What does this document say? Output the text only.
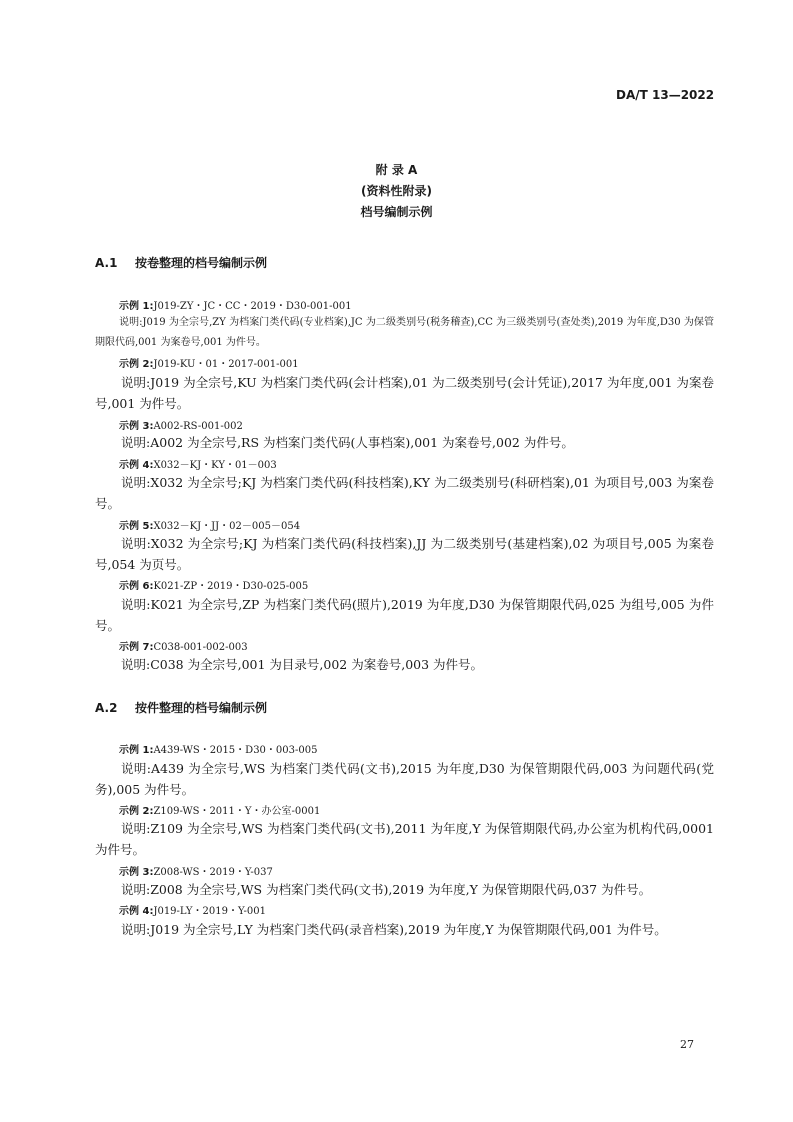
DA/T 13—2022
附 录 A
(资料性附录)
档号编制示例
A.1 按卷整理的档号编制示例
示例 1:J019-ZY・JC・CC・2019・D30-001-001
说明:J019 为全宗号,ZY 为档案门类代码(专业档案),JC 为二级类别号(税务稽查),CC 为三级类别号(查处类),2019 为年度,D30 为保管期限代码,001 为案卷号,001 为件号。
示例 2:J019-KU・01・2017-001-001
说明:J019 为全宗号,KU 为档案门类代码(会计档案),01 为二级类别号(会计凭证),2017 为年度,001 为案卷号,001 为件号。
示例 3:A002-RS-001-002
说明:A002 为全宗号,RS 为档案门类代码(人事档案),001 为案卷号,002 为件号。
示例 4:X032－KJ・KY・01－003
说明:X032 为全宗号;KJ 为档案门类代码(科技档案),KY 为二级类别号(科研档案),01 为项目号,003 为案卷号。
示例 5:X032－KJ・JJ・02－005－054
说明:X032 为全宗号;KJ 为档案门类代码(科技档案),JJ 为二级类别号(基建档案),02 为项目号,005 为案卷号,054 为页号。
示例 6:K021-ZP・2019・D30-025-005
说明:K021 为全宗号,ZP 为档案门类代码(照片),2019 为年度,D30 为保管期限代码,025 为组号,005 为件号。
示例 7:C038-001-002-003
说明:C038 为全宗号,001 为目录号,002 为案卷号,003 为件号。
A.2 按件整理的档号编制示例
示例 1:A439-WS・2015・D30・003-005
说明:A439 为全宗号,WS 为档案门类代码(文书),2015 为年度,D30 为保管期限代码,003 为问题代码(党务),005 为件号。
示例 2:Z109-WS・2011・Y・办公室-0001
说明:Z109 为全宗号,WS 为档案门类代码(文书),2011 为年度,Y 为保管期限代码,办公室为机构代码,0001 为件号。
示例 3:Z008-WS・2019・Y-037
说明:Z008 为全宗号,WS 为档案门类代码(文书),2019 为年度,Y 为保管期限代码,037 为件号。
示例 4:J019-LY・2019・Y-001
说明:J019 为全宗号,LY 为档案门类代码(录音档案),2019 为年度,Y 为保管期限代码,001 为件号。
27
